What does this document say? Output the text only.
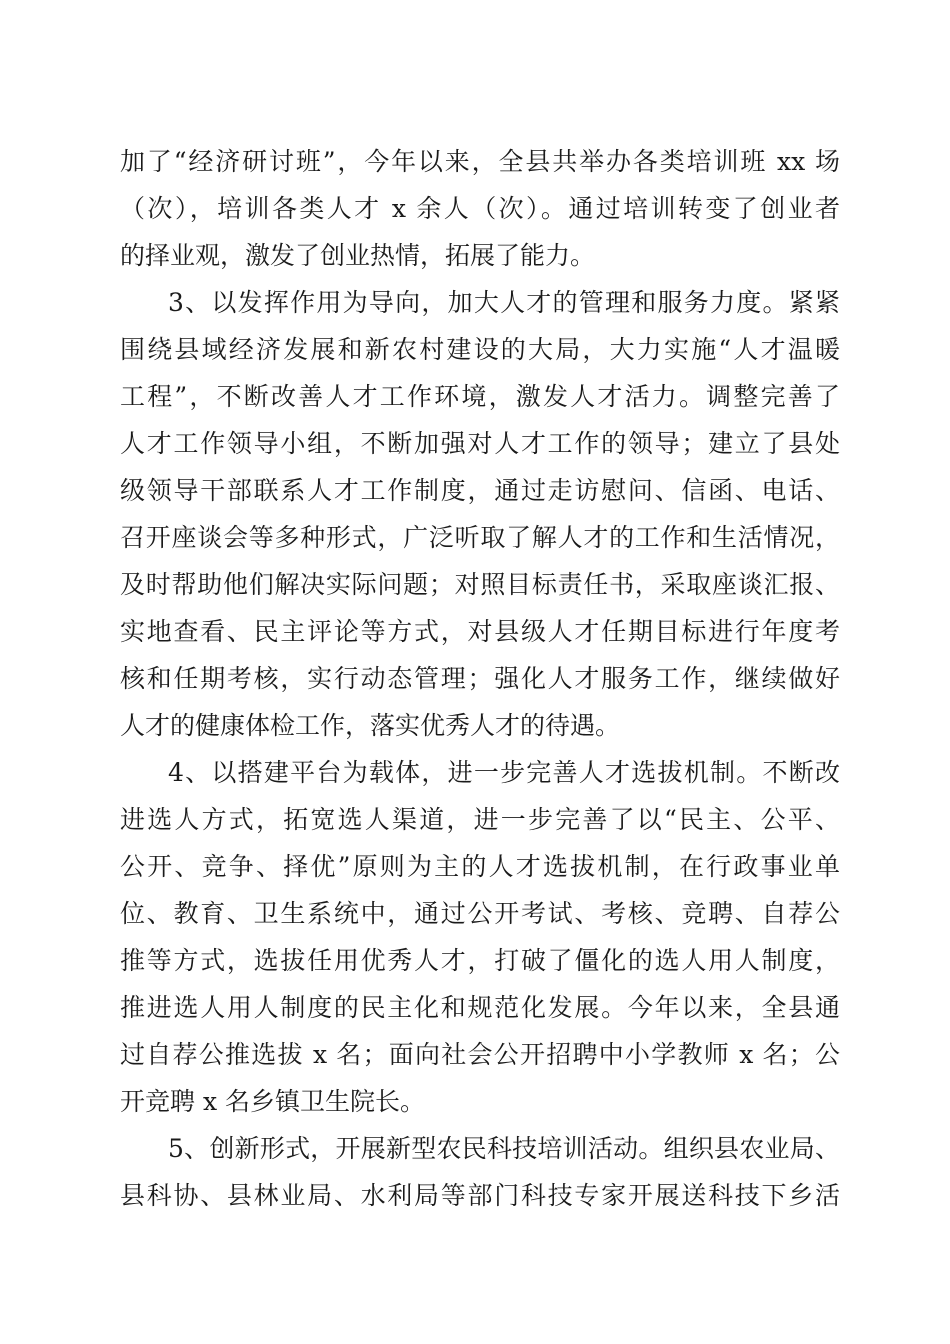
加了“经济研讨班”，今年以来，全县共举办各类培训班 xx 场
（次），培训各类人才 x 余人（次）。通过培训转变了创业者
的择业观，激发了创业热情，拓展了能力。
3、以发挥作用为导向，加大人才的管理和服务力度。紧紧
围绕县域经济发展和新农村建设的大局，大力实施“人才温暖
工程”，不断改善人才工作环境，激发人才活力。调整完善了
人才工作领导小组，不断加强对人才工作的领导；建立了县处
级领导干部联系人才工作制度，通过走访慰问、信函、电话、
召开座谈会等多种形式，广泛听取了解人才的工作和生活情况，
及时帮助他们解决实际问题；对照目标责任书，采取座谈汇报、
实地查看、民主评论等方式，对县级人才任期目标进行年度考
核和任期考核，实行动态管理；强化人才服务工作，继续做好
人才的健康体检工作，落实优秀人才的待遇。
4、以搭建平台为载体，进一步完善人才选拔机制。不断改
进选人方式，拓宽选人渠道，进一步完善了以“民主、公平、
公开、竞争、择优”原则为主的人才选拔机制，在行政事业单
位、教育、卫生系统中，通过公开考试、考核、竞聘、自荐公
推等方式，选拔任用优秀人才，打破了僵化的选人用人制度，
推进选人用人制度的民主化和规范化发展。今年以来，全县通
过自荐公推选拔 x 名；面向社会公开招聘中小学教师 x 名；公
开竞聘 x 名乡镇卫生院长。
5、创新形式，开展新型农民科技培训活动。组织县农业局、
县科协、县林业局、水利局等部门科技专家开展送科技下乡活
